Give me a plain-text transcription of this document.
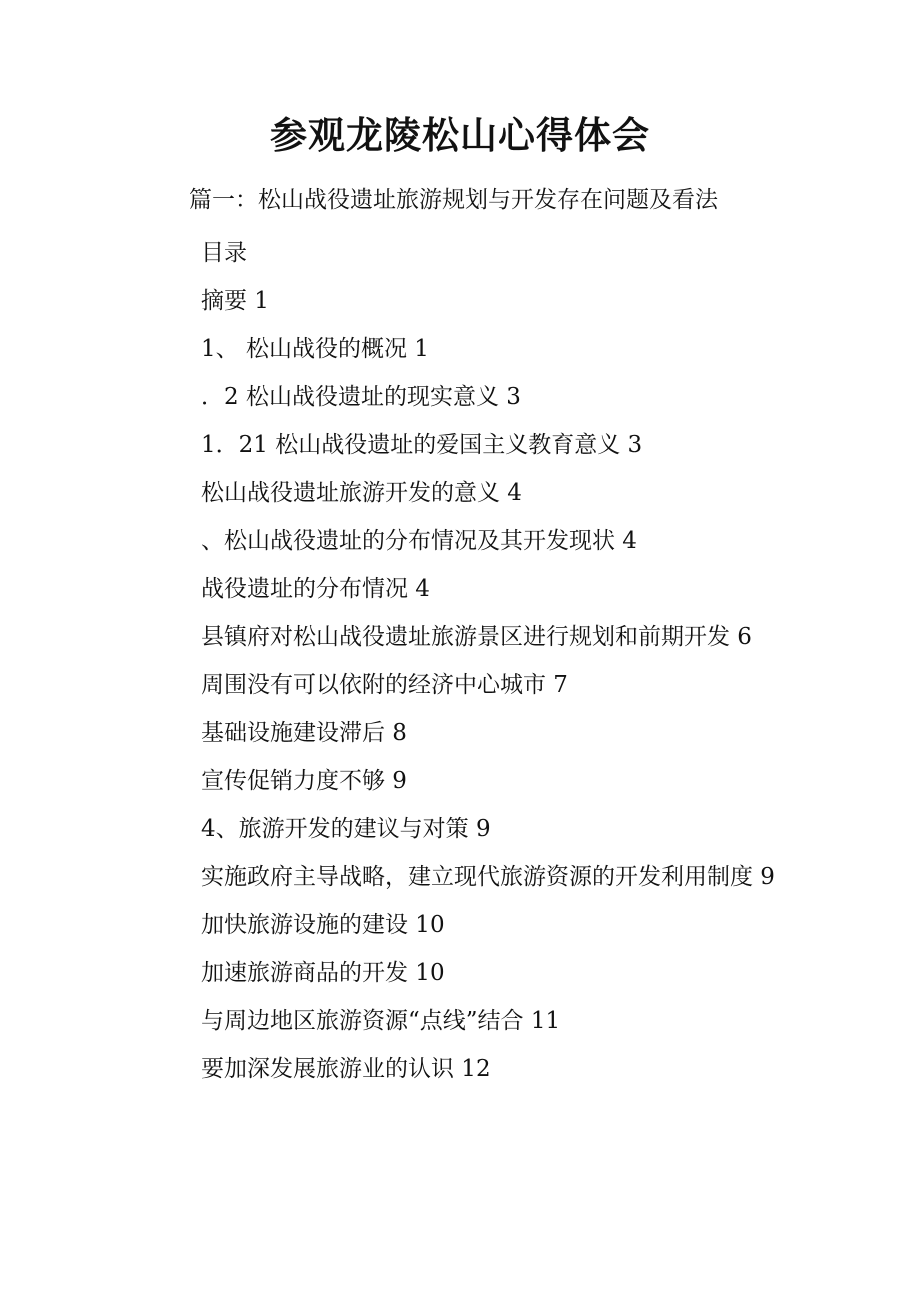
参观龙陵松山心得体会

篇一：松山战役遗址旅游规划与开发存在问题及看法

目录
摘要 1
1、 松山战役的概况 1
．2 松山战役遗址的现实意义 3
1．21 松山战役遗址的爱国主义教育意义 3
松山战役遗址旅游开发的意义 4
、松山战役遗址的分布情况及其开发现状 4
战役遗址的分布情况 4
县镇府对松山战役遗址旅游景区进行规划和前期开发 6
周围没有可以依附的经济中心城市 7
基础设施建设滞后 8
宣传促销力度不够 9
4、旅游开发的建议与对策 9
实施政府主导战略，建立现代旅游资源的开发利用制度 9
加快旅游设施的建设 10
加速旅游商品的开发 10
与周边地区旅游资源“点线”结合 11
要加深发展旅游业的认识 12
